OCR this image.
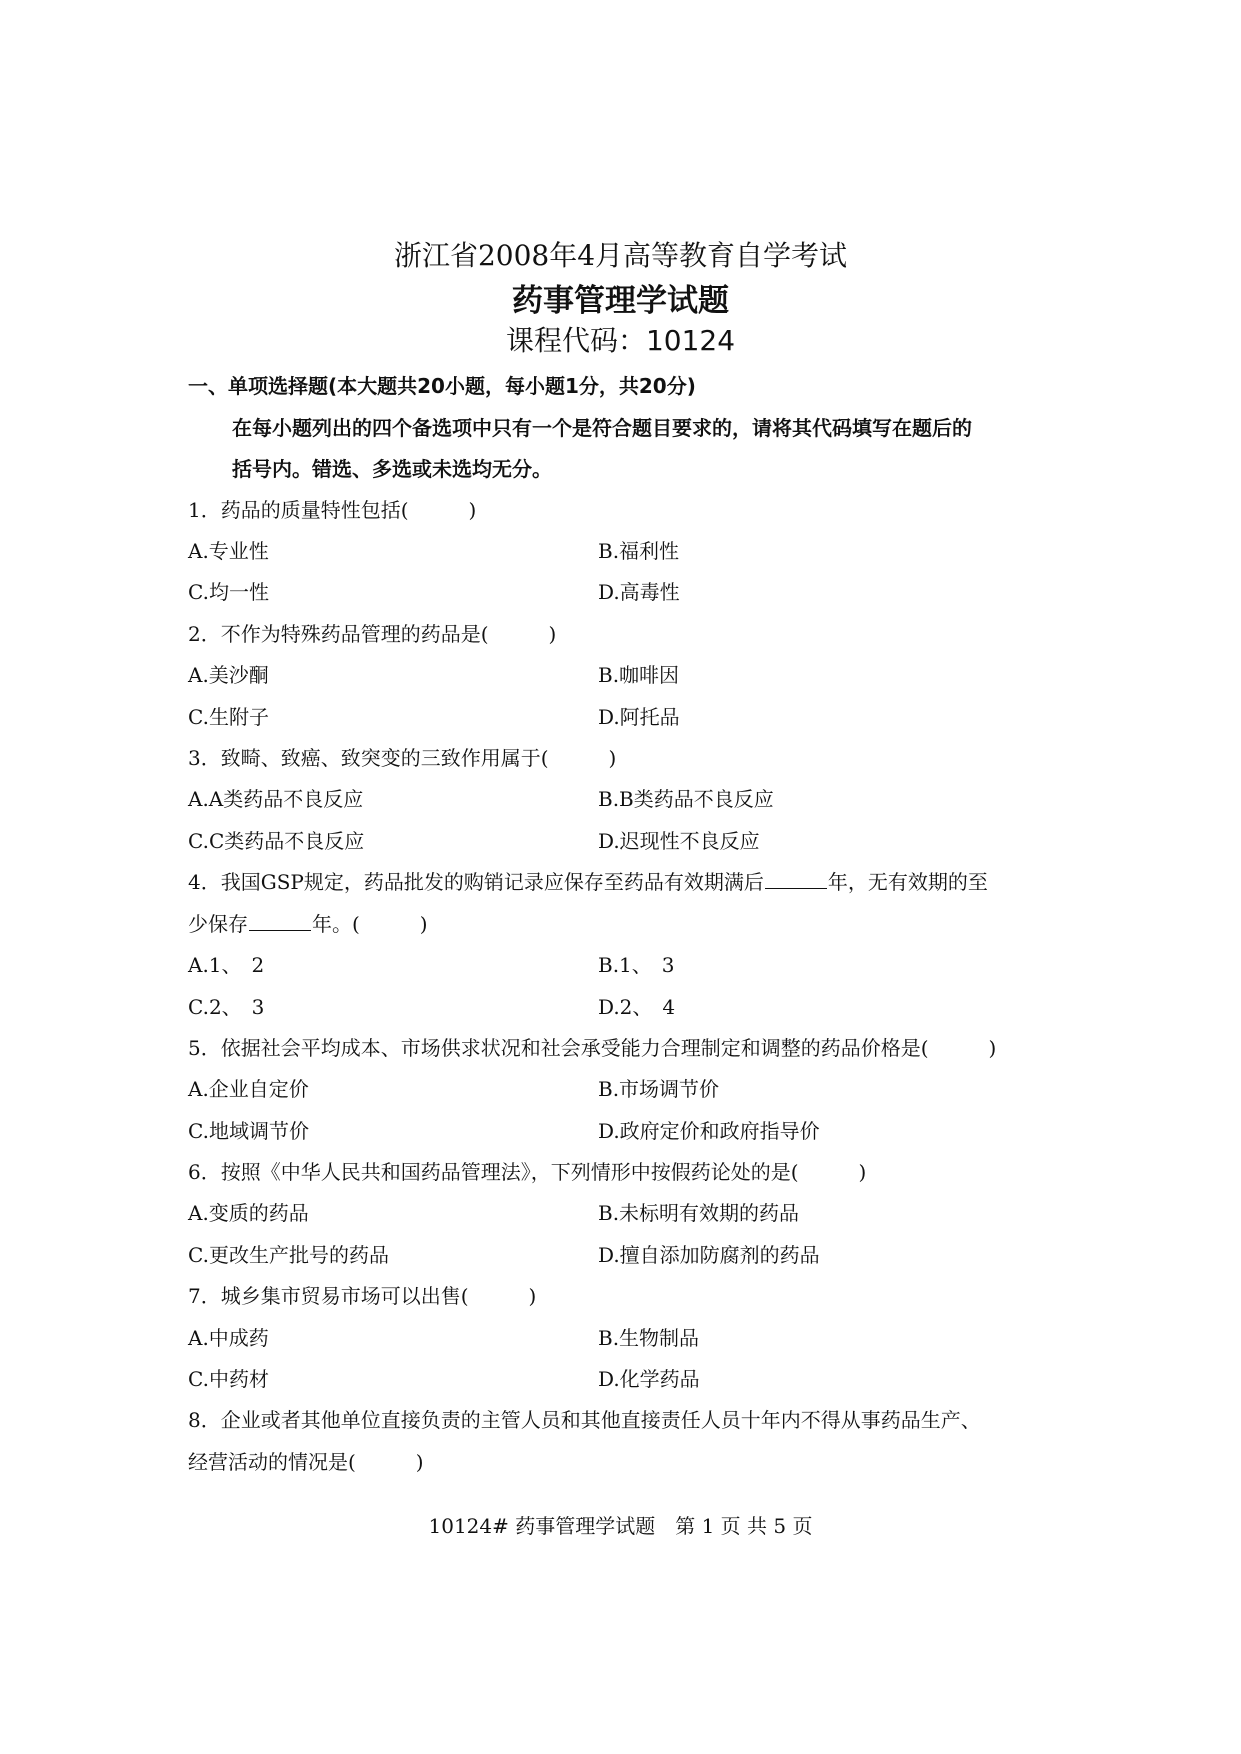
浙江省2008年4月高等教育自学考试
药事管理学试题
课程代码：10124
一、单项选择题(本大题共20小题，每小题1分，共20分)
在每小题列出的四个备选项中只有一个是符合题目要求的，请将其代码填写在题后的
括号内。错选、多选或未选均无分。
1．药品的质量特性包括(　　　)
A.专业性	B.福利性
C.均一性	D.高毒性
2．不作为特殊药品管理的药品是(　　　)
A.美沙酮	B.咖啡因
C.生附子	D.阿托品
3．致畸、致癌、致突变的三致作用属于(　　　)
A.A类药品不良反应	B.B类药品不良反应
C.C类药品不良反应	D.迟现性不良反应
4．我国GSP规定，药品批发的购销记录应保存至药品有效期满后	年，无有效期的至
少保存	年。(　　　)
A.1、　2	B.1、　3
C.2、　3	D.2、　4
5．依据社会平均成本、市场供求状况和社会承受能力合理制定和调整的药品价格是(　　　)
A.企业自定价	B.市场调节价
C.地域调节价	D.政府定价和政府指导价
6．按照《中华人民共和国药品管理法》，下列情形中按假药论处的是(　　　)
A.变质的药品	B.未标明有效期的药品
C.更改生产批号的药品	D.擅自添加防腐剂的药品
7．城乡集市贸易市场可以出售(　　　)
A.中成药	B.生物制品
C.中药材	D.化学药品
8．企业或者其他单位直接负责的主管人员和其他直接责任人员十年内不得从事药品生产、
经营活动的情况是(　　　)
10124# 药事管理学试题　第 1 页 共 5 页
